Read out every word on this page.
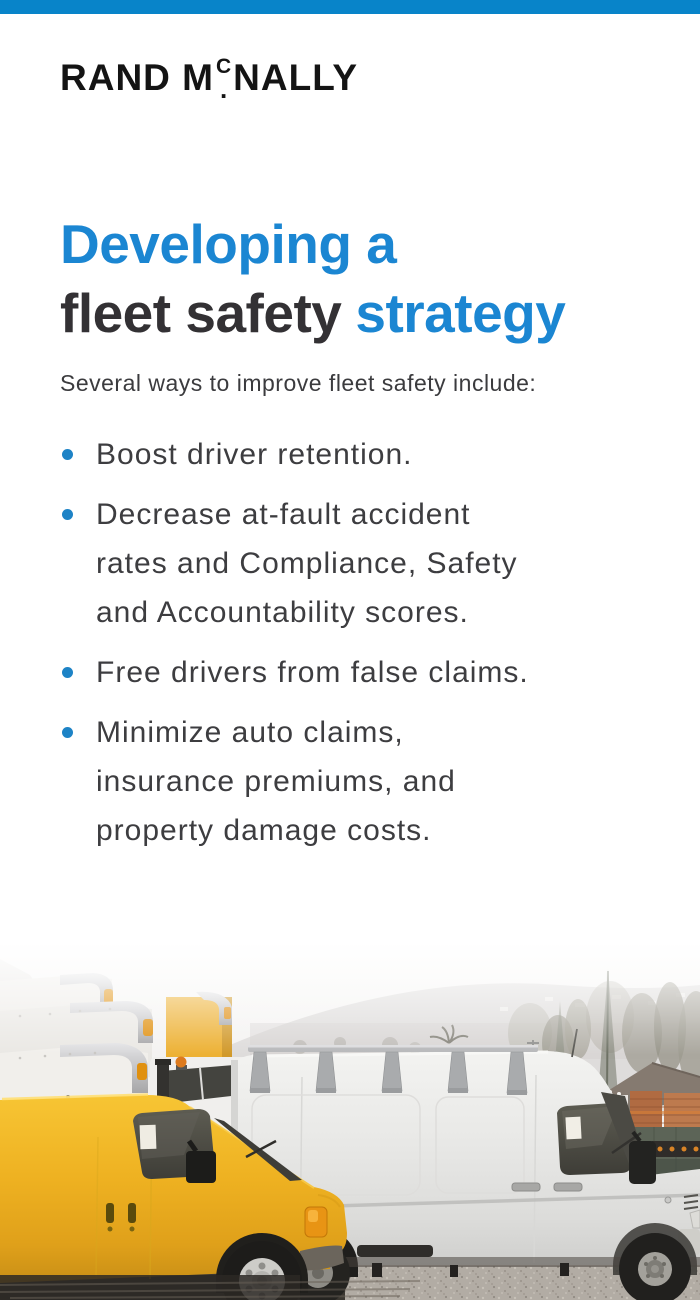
RAND M C
. NALLY
Developing a
fleet safety strategy

Several ways to improve fleet safety include:

Boost driver retention.
Decrease at-fault accident
rates and Compliance, Safety
and Accountability scores.
Free drivers from false claims.
Minimize auto claims,
insurance premiums, and
property damage costs.
